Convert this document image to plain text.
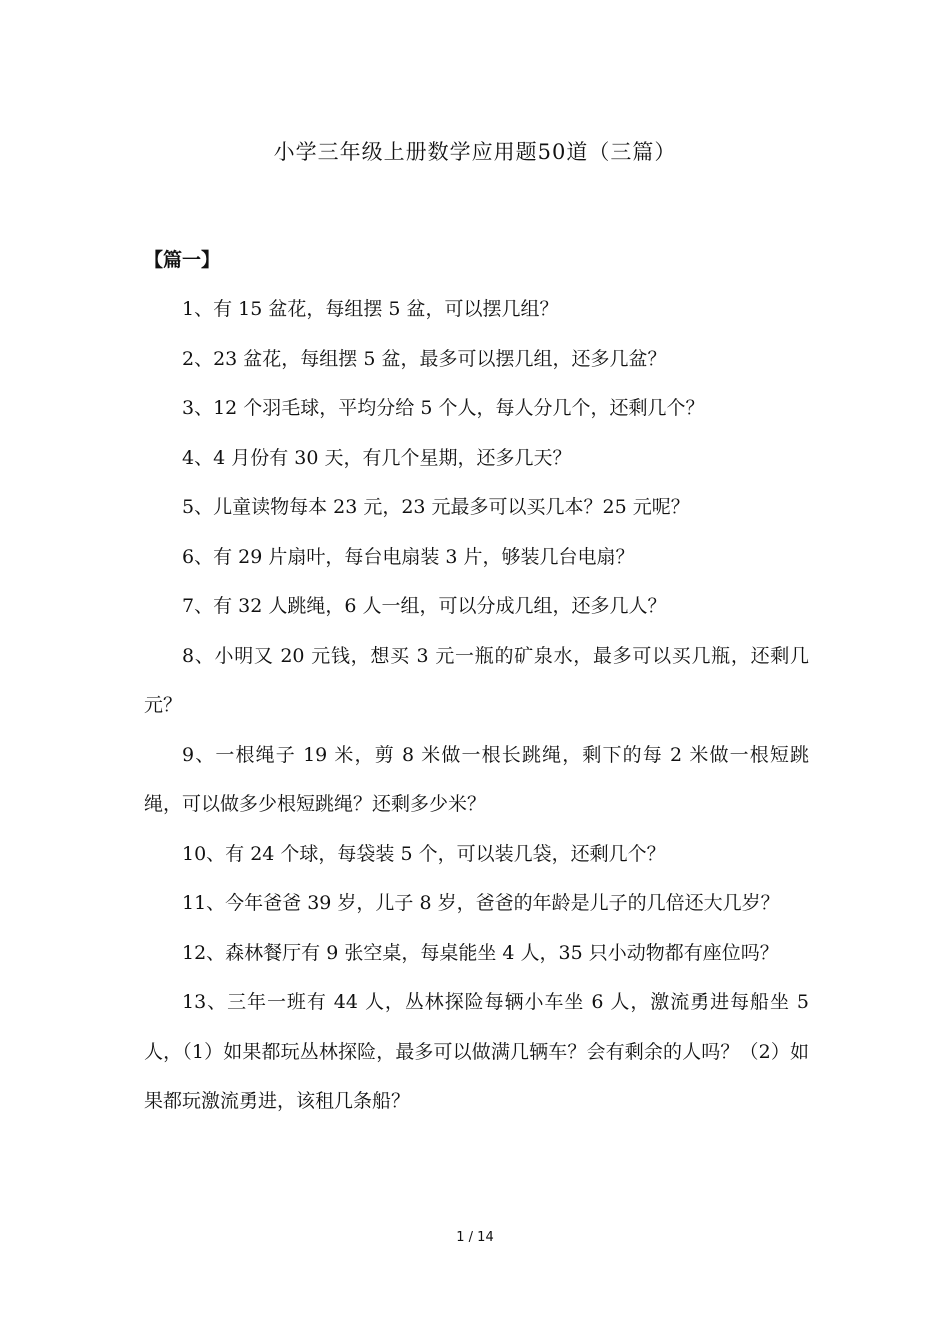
小学三年级上册数学应用题50道（三篇）
【篇一】

1、有 15 盆花，每组摆 5 盆，可以摆几组？

2、23 盆花，每组摆 5 盆，最多可以摆几组，还多几盆？

3、12 个羽毛球，平均分给 5 个人，每人分几个，还剩几个？

4、4 月份有 30 天，有几个星期，还多几天？

5、儿童读物每本 23 元，23 元最多可以买几本？25 元呢？

6、有 29 片扇叶，每台电扇装 3 片，够装几台电扇？

7、有 32 人跳绳，6 人一组，可以分成几组，还多几人？

8、小明又 20 元钱，想买 3 元一瓶的矿泉水，最多可以买几瓶，还剩几元？

9、一根绳子 19 米，剪 8 米做一根长跳绳，剩下的每 2 米做一根短跳绳，可以做多少根短跳绳？还剩多少米？

10、有 24 个球，每袋装 5 个，可以装几袋，还剩几个？

11、今年爸爸 39 岁，儿子 8 岁，爸爸的年龄是儿子的几倍还大几岁？

12、森林餐厅有 9 张空桌，每桌能坐 4 人，35 只小动物都有座位吗？

13、三年一班有 44 人，丛林探险每辆小车坐 6 人，激流勇进每船坐 5 人，（1）如果都玩丛林探险，最多可以做满几辆车？会有剩余的人吗？（2）如果都玩激流勇进，该租几条船？

1 / 14
